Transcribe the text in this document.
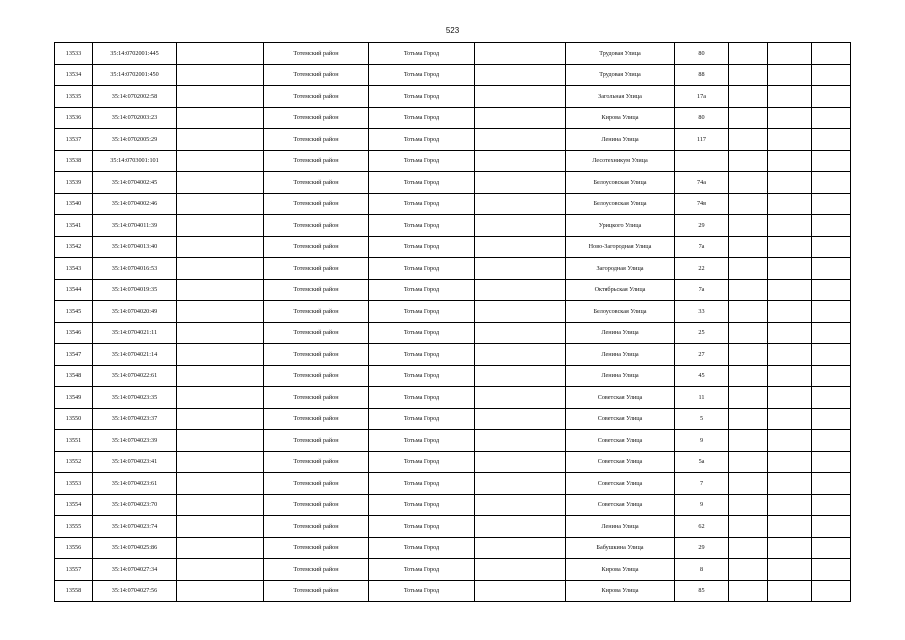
523
13533	35:14:0702001:445		Тотемский район	Тотьма Город		Трудовая Улица	80			
13534	35:14:0702001:450		Тотемский район	Тотьма Город		Трудовая Улица	88			
13535	35:14:0702002:58		Тотемский район	Тотьма Город		Загольная Улица	17а			
13536	35:14:0702003:23		Тотемский район	Тотьма Город		Кирова Улица	80			
13537	35:14:0702005:29		Тотемский район	Тотьма Город		Ленина Улица	117			
13538	35:14:0703001:101		Тотемский район	Тотьма Город		Лесотехникум Улица				
13539	35:14:0704002:45		Тотемский район	Тотьма Город		Белоусовская Улица	74а			
13540	35:14:0704002:46		Тотемский район	Тотьма Город		Белоусовская Улица	74в			
13541	35:14:0704011:39		Тотемский район	Тотьма Город		Урицкого Улица	29			
13542	35:14:0704013:40		Тотемский район	Тотьма Город		Ново-Загородная Улица	7а			
13543	35:14:0704016:53		Тотемский район	Тотьма Город		Загородная Улица	22			
13544	35:14:0704019:35		Тотемский район	Тотьма Город		Октябрьская Улица	7а			
13545	35:14:0704020:49		Тотемский район	Тотьма Город		Белоусовская Улица	33			
13546	35:14:0704021:11		Тотемский район	Тотьма Город		Ленина Улица	25			
13547	35:14:0704021:14		Тотемский район	Тотьма Город		Ленина Улица	27			
13548	35:14:0704022:61		Тотемский район	Тотьма Город		Ленина Улица	45			
13549	35:14:0704023:35		Тотемский район	Тотьма Город		Советская Улица	11			
13550	35:14:0704023:37		Тотемский район	Тотьма Город		Советская Улица	5			
13551	35:14:0704023:39		Тотемский район	Тотьма Город		Советская Улица	9			
13552	35:14:0704023:41		Тотемский район	Тотьма Город		Советская Улица	5а			
13553	35:14:0704023:61		Тотемский район	Тотьма Город		Советская Улица	7			
13554	35:14:0704023:70		Тотемский район	Тотьма Город		Советская Улица	9			
13555	35:14:0704023:74		Тотемский район	Тотьма Город		Ленина Улица	62			
13556	35:14:0704025:86		Тотемский район	Тотьма Город		Бабушкина Улица	29			
13557	35:14:0704027:34		Тотемский район	Тотьма Город		Кирова Улица	8			
13558	35:14:0704027:56		Тотемский район	Тотьма Город		Кирова Улица	85			
